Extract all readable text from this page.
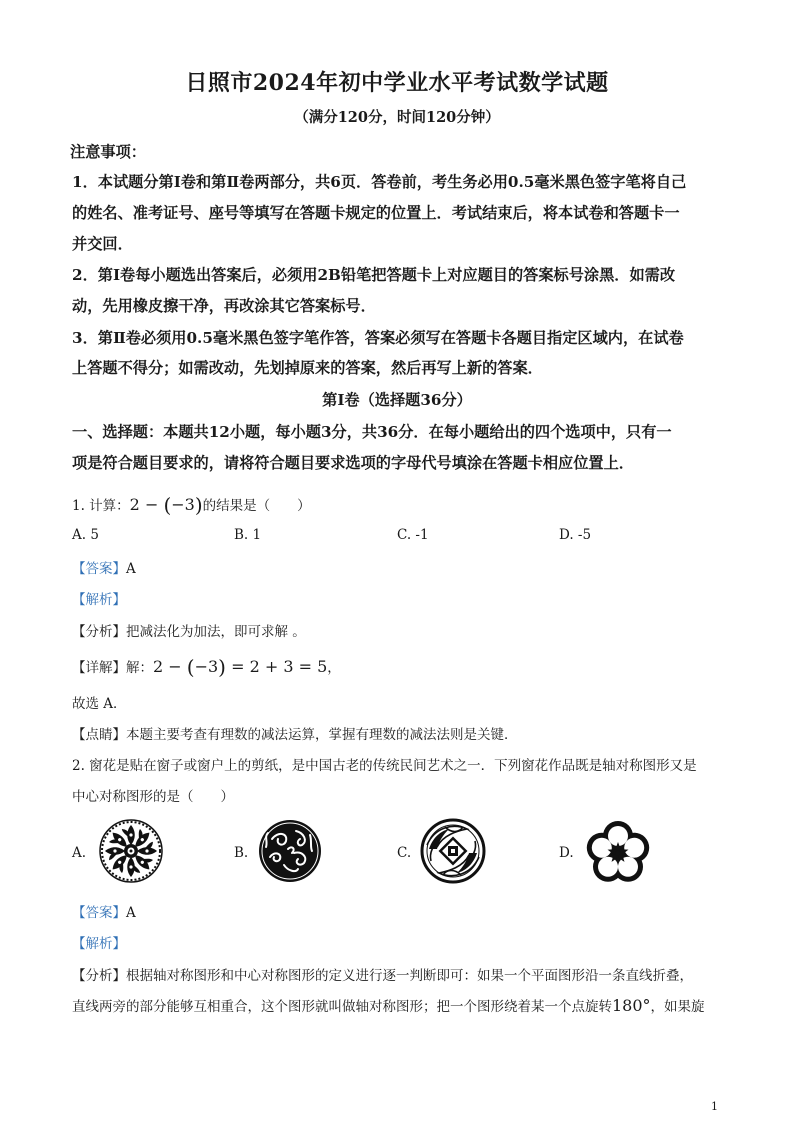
日照市2024年初中学业水平考试数学试题
（满分120分，时间120分钟）
注意事项：
1．本试题分第Ⅰ卷和第Ⅱ卷两部分，共6页．答卷前，考生务必用0.5毫米黑色签字笔将自己
的姓名、准考证号、座号等填写在答题卡规定的位置上．考试结束后，将本试卷和答题卡一
并交回．
2．第Ⅰ卷每小题选出答案后，必须用2B铅笔把答题卡上对应题目的答案标号涂黑．如需改
动，先用橡皮擦干净，再改涂其它答案标号．
3．第Ⅱ卷必须用0.5毫米黑色签字笔作答，答案必须写在答题卡各题目指定区域内，在试卷
上答题不得分；如需改动，先划掉原来的答案，然后再写上新的答案．
第Ⅰ卷（选择题36分）
一、选择题：本题共12小题，每小题3分，共36分．在每小题给出的四个选项中，只有一
项是符合题目要求的，请将符合题目要求选项的字母代号填涂在答题卡相应位置上．
1. 计算：2 − (−3)的结果是（　　）
A. 5	B. 1	C. -1	D. -5
【答案】A
【解析】
【分析】把减法化为加法，即可求解 。
【详解】解：2 − (−3) = 2 + 3 = 5，
故选 A．
【点睛】本题主要考查有理数的减法运算，掌握有理数的减法法则是关键．
2. 窗花是贴在窗子或窗户上的剪纸，是中国古老的传统民间艺术之一．下列窗花作品既是轴对称图形又是
中心对称图形的是（　　）
A.	B.	C.	D.
【答案】A
【解析】
【分析】根据轴对称图形和中心对称图形的定义进行逐一判断即可：如果一个平面图形沿一条直线折叠，
直线两旁的部分能够互相重合，这个图形就叫做轴对称图形；把一个图形绕着某一个点旋转180°，如果旋
1
